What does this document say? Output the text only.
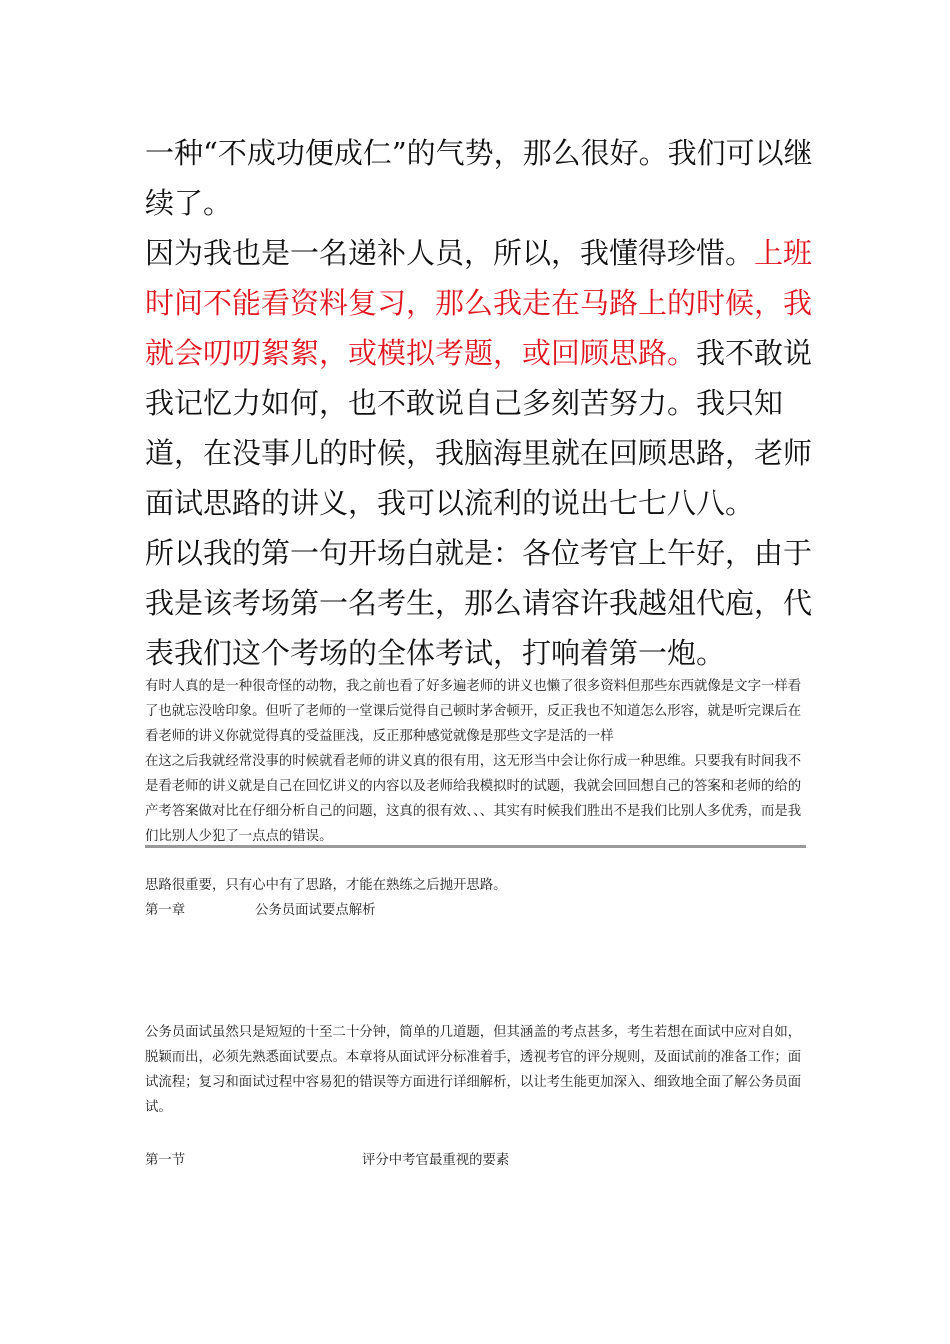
一种“不成功便成仁”的气势，那么很好。我们可以继续了。

因为我也是一名递补人员，所以，我懂得珍惜。上班时间不能看资料复习，那么我走在马路上的时候，我就会叨叨絮絮，或模拟考题，或回顾思路。我不敢说我记忆力如何，也不敢说自己多刻苦努力。我只知道，在没事儿的时候，我脑海里就在回顾思路，老师面试思路的讲义，我可以流利的说出七七八八。

所以我的第一句开场白就是：各位考官上午好，由于我是该考场第一名考生，那么请容许我越俎代庖，代表我们这个考场的全体考试，打响着第一炮。

有时人真的是一种很奇怪的动物，我之前也看了好多遍老师的讲义也懒了很多资料但那些东西就像是文字一样看了也就忘没啥印象。但听了老师的一堂课后觉得自己顿时茅舍顿开，反正我也不知道怎么形容，就是听完课后在看老师的讲义你就觉得真的受益匪浅，反正那种感觉就像是那些文字是活的一样

在这之后我就经常没事的时候就看老师的讲义真的很有用，这无形当中会让你行成一种思维。只要我有时间我不是看老师的讲义就是自己在回忆讲义的内容以及老师给我模拟时的试题，我就会回回想自己的答案和老师的给的产考答案做对比在仔细分析自己的问题，这真的很有效、、、其实有时候我们胜出不是我们比别人多优秀，而是我们比别人少犯了一点点的错误。

思路很重要，只有心中有了思路，才能在熟练之后抛开思路。

第一章	公务员面试要点解析

公务员面试虽然只是短短的十至二十分钟，简单的几道题，但其涵盖的考点甚多，考生若想在面试中应对自如，脱颖而出，必须先熟悉面试要点。本章将从面试评分标准着手，透视考官的评分规则，及面试前的准备工作；面试流程；复习和面试过程中容易犯的错误等方面进行详细解析，以让考生能更加深入、细致地全面了解公务员面试。

第一节	评分中考官最重视的要素
